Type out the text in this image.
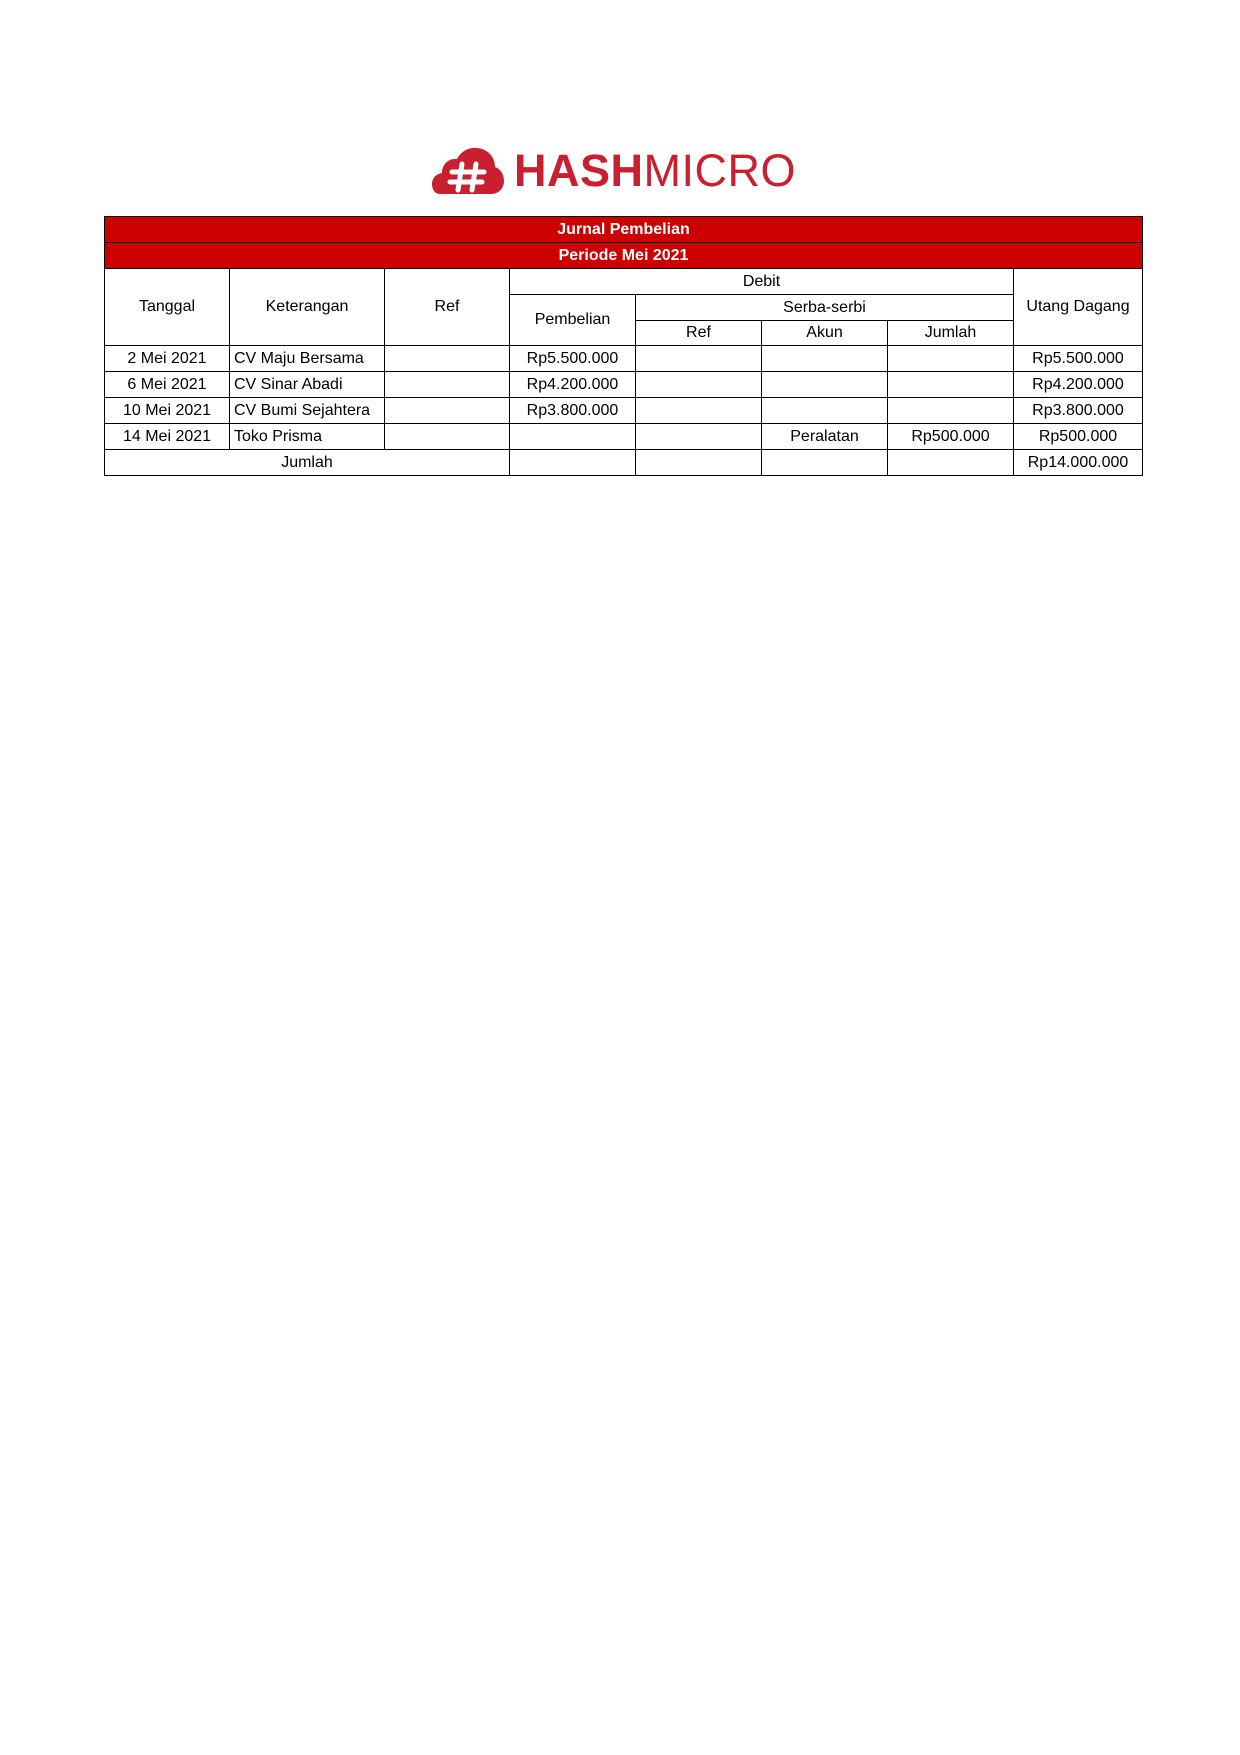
HASHMICRO
Jurnal Pembelian							
Periode Mei 2021							
Tanggal	Keterangan	Ref	Debit				Utang Dagang
			Pembelian	Serba-serbi			
				Ref	Akun	Jumlah	
2 Mei 2021	CV Maju Bersama		Rp5.500.000				Rp5.500.000
6 Mei 2021	CV Sinar Abadi		Rp4.200.000				Rp4.200.000
10 Mei 2021	CV Bumi Sejahtera		Rp3.800.000				Rp3.800.000
14 Mei 2021	Toko Prisma				Peralatan	Rp500.000	Rp500.000
Jumlah							Rp14.000.000
